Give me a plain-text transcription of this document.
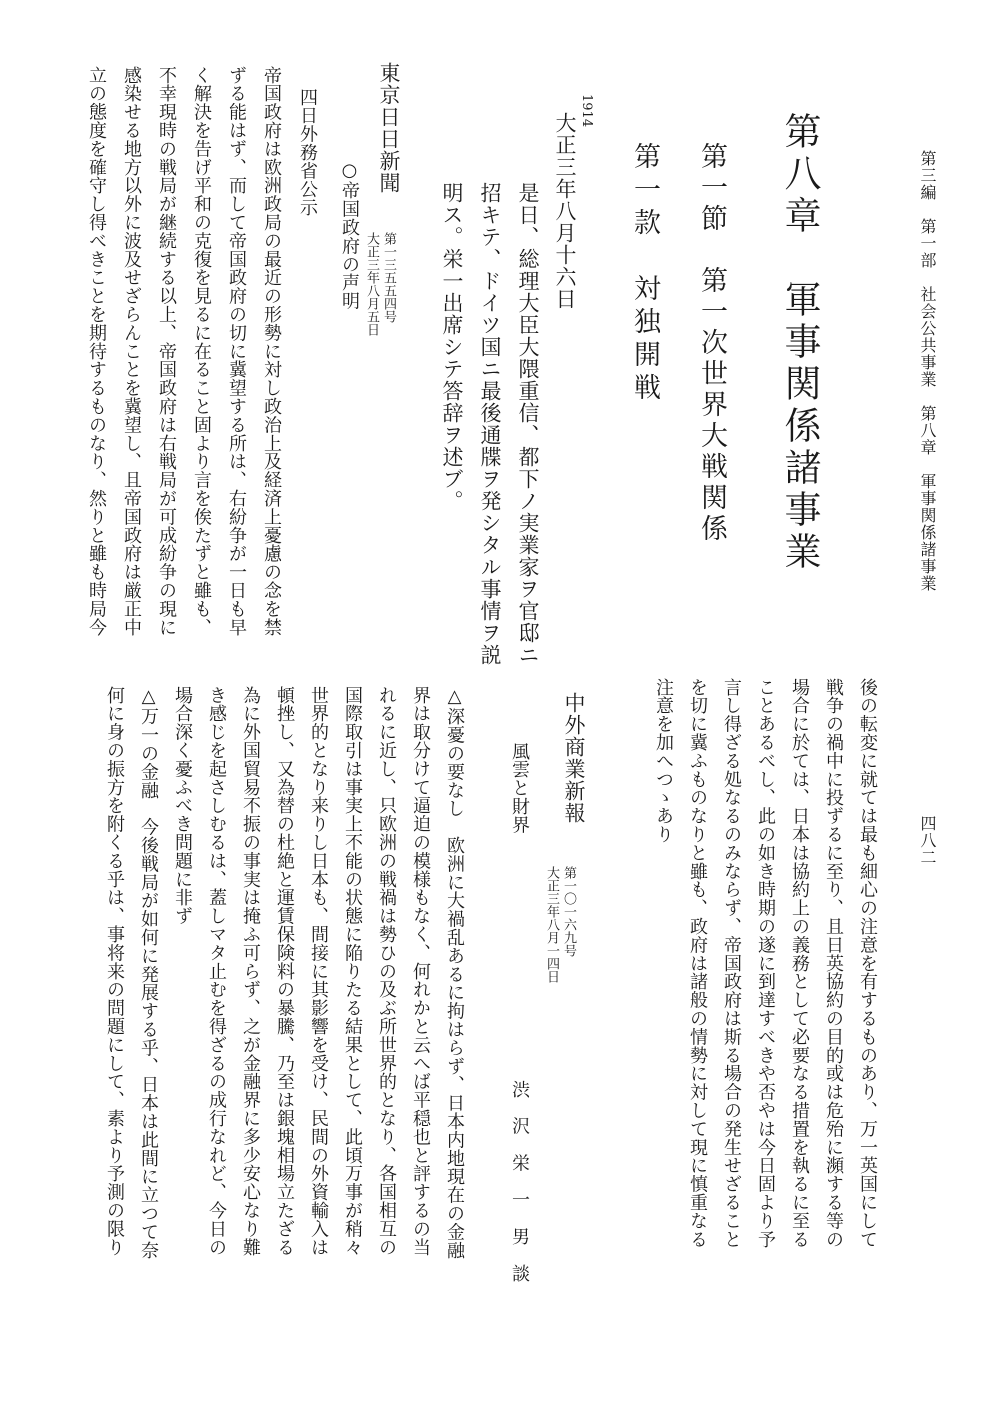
第三編　第一部　社会公共事業　第八章　軍事関係諸事業
四八二
第八章　軍事関係諸事業
第一節　第一次世界大戦関係
第一款　対独開戦
1914
大正三年八月十六日
是日、総理大臣大隈重信、都下ノ実業家ヲ官邸ニ
招キテ、ドイツ国ニ最後通牒ヲ発シタル事情ヲ説
明ス。栄一出席シテ答辞ヲ述ブ。
東京日日新聞
第一三五五四号
大正三年八月五日
○帝国政府の声明
四日外務省公示
帝国政府は欧洲政局の最近の形勢に対し政治上及経済上憂慮の念を禁
ずる能はず、而して帝国政府の切に冀望する所は、右紛争が一日も早
く解決を告げ平和の克復を見るに在ること固より言を俟たずと雖も、
不幸現時の戦局が継続する以上、帝国政府は右戦局が可成紛争の現に
感染せる地方以外に波及せざらんことを冀望し、且帝国政府は厳正中
立の態度を確守し得べきことを期待するものなり、然りと雖も時局今
後の転変に就ては最も細心の注意を有するものあり、万一英国にして
戦争の禍中に投ずるに至り、且日英協約の目的或は危殆に瀕する等の
場合に於ては、日本は協約上の義務として必要なる措置を執るに至る
ことあるべし、此の如き時期の遂に到達すべきや否やは今日固より予
言し得ざる処なるのみならず、帝国政府は斯る場合の発生せざること
を切に冀ふものなりと雖も、政府は諸般の情勢に対して現に慎重なる
注意を加へつゝあり
中外商業新報
第一〇一六九号
大正三年八月一四日
風雲と財界
渋　沢　栄　一　男　談
△深憂の要なし　欧洲に大禍乱あるに拘はらず、日本内地現在の金融
界は取分けて逼迫の模様もなく、何れかと云へば平穏也と評するの当
れるに近し、只欧洲の戦禍は勢ひの及ぶ所世界的となり、各国相互の
国際取引は事実上不能の状態に陥りたる結果として、此頃万事が稍々
世界的となり来りし日本も、間接に其影響を受け、民間の外資輸入は
頓挫し、又為替の杜絶と運賃保険料の暴騰、乃至は銀塊相場立たざる
為に外国貿易不振の事実は掩ふ可らず、之が金融界に多少安心なり難
き感じを起さしむるは、蓋しマタ止むを得ざるの成行なれど、今日の
場合深く憂ふべき問題に非ず
△万一の金融　今後戦局が如何に発展する乎、日本は此間に立つて奈
何に身の振方を附くる乎は、事将来の問題にして、素より予測の限り
